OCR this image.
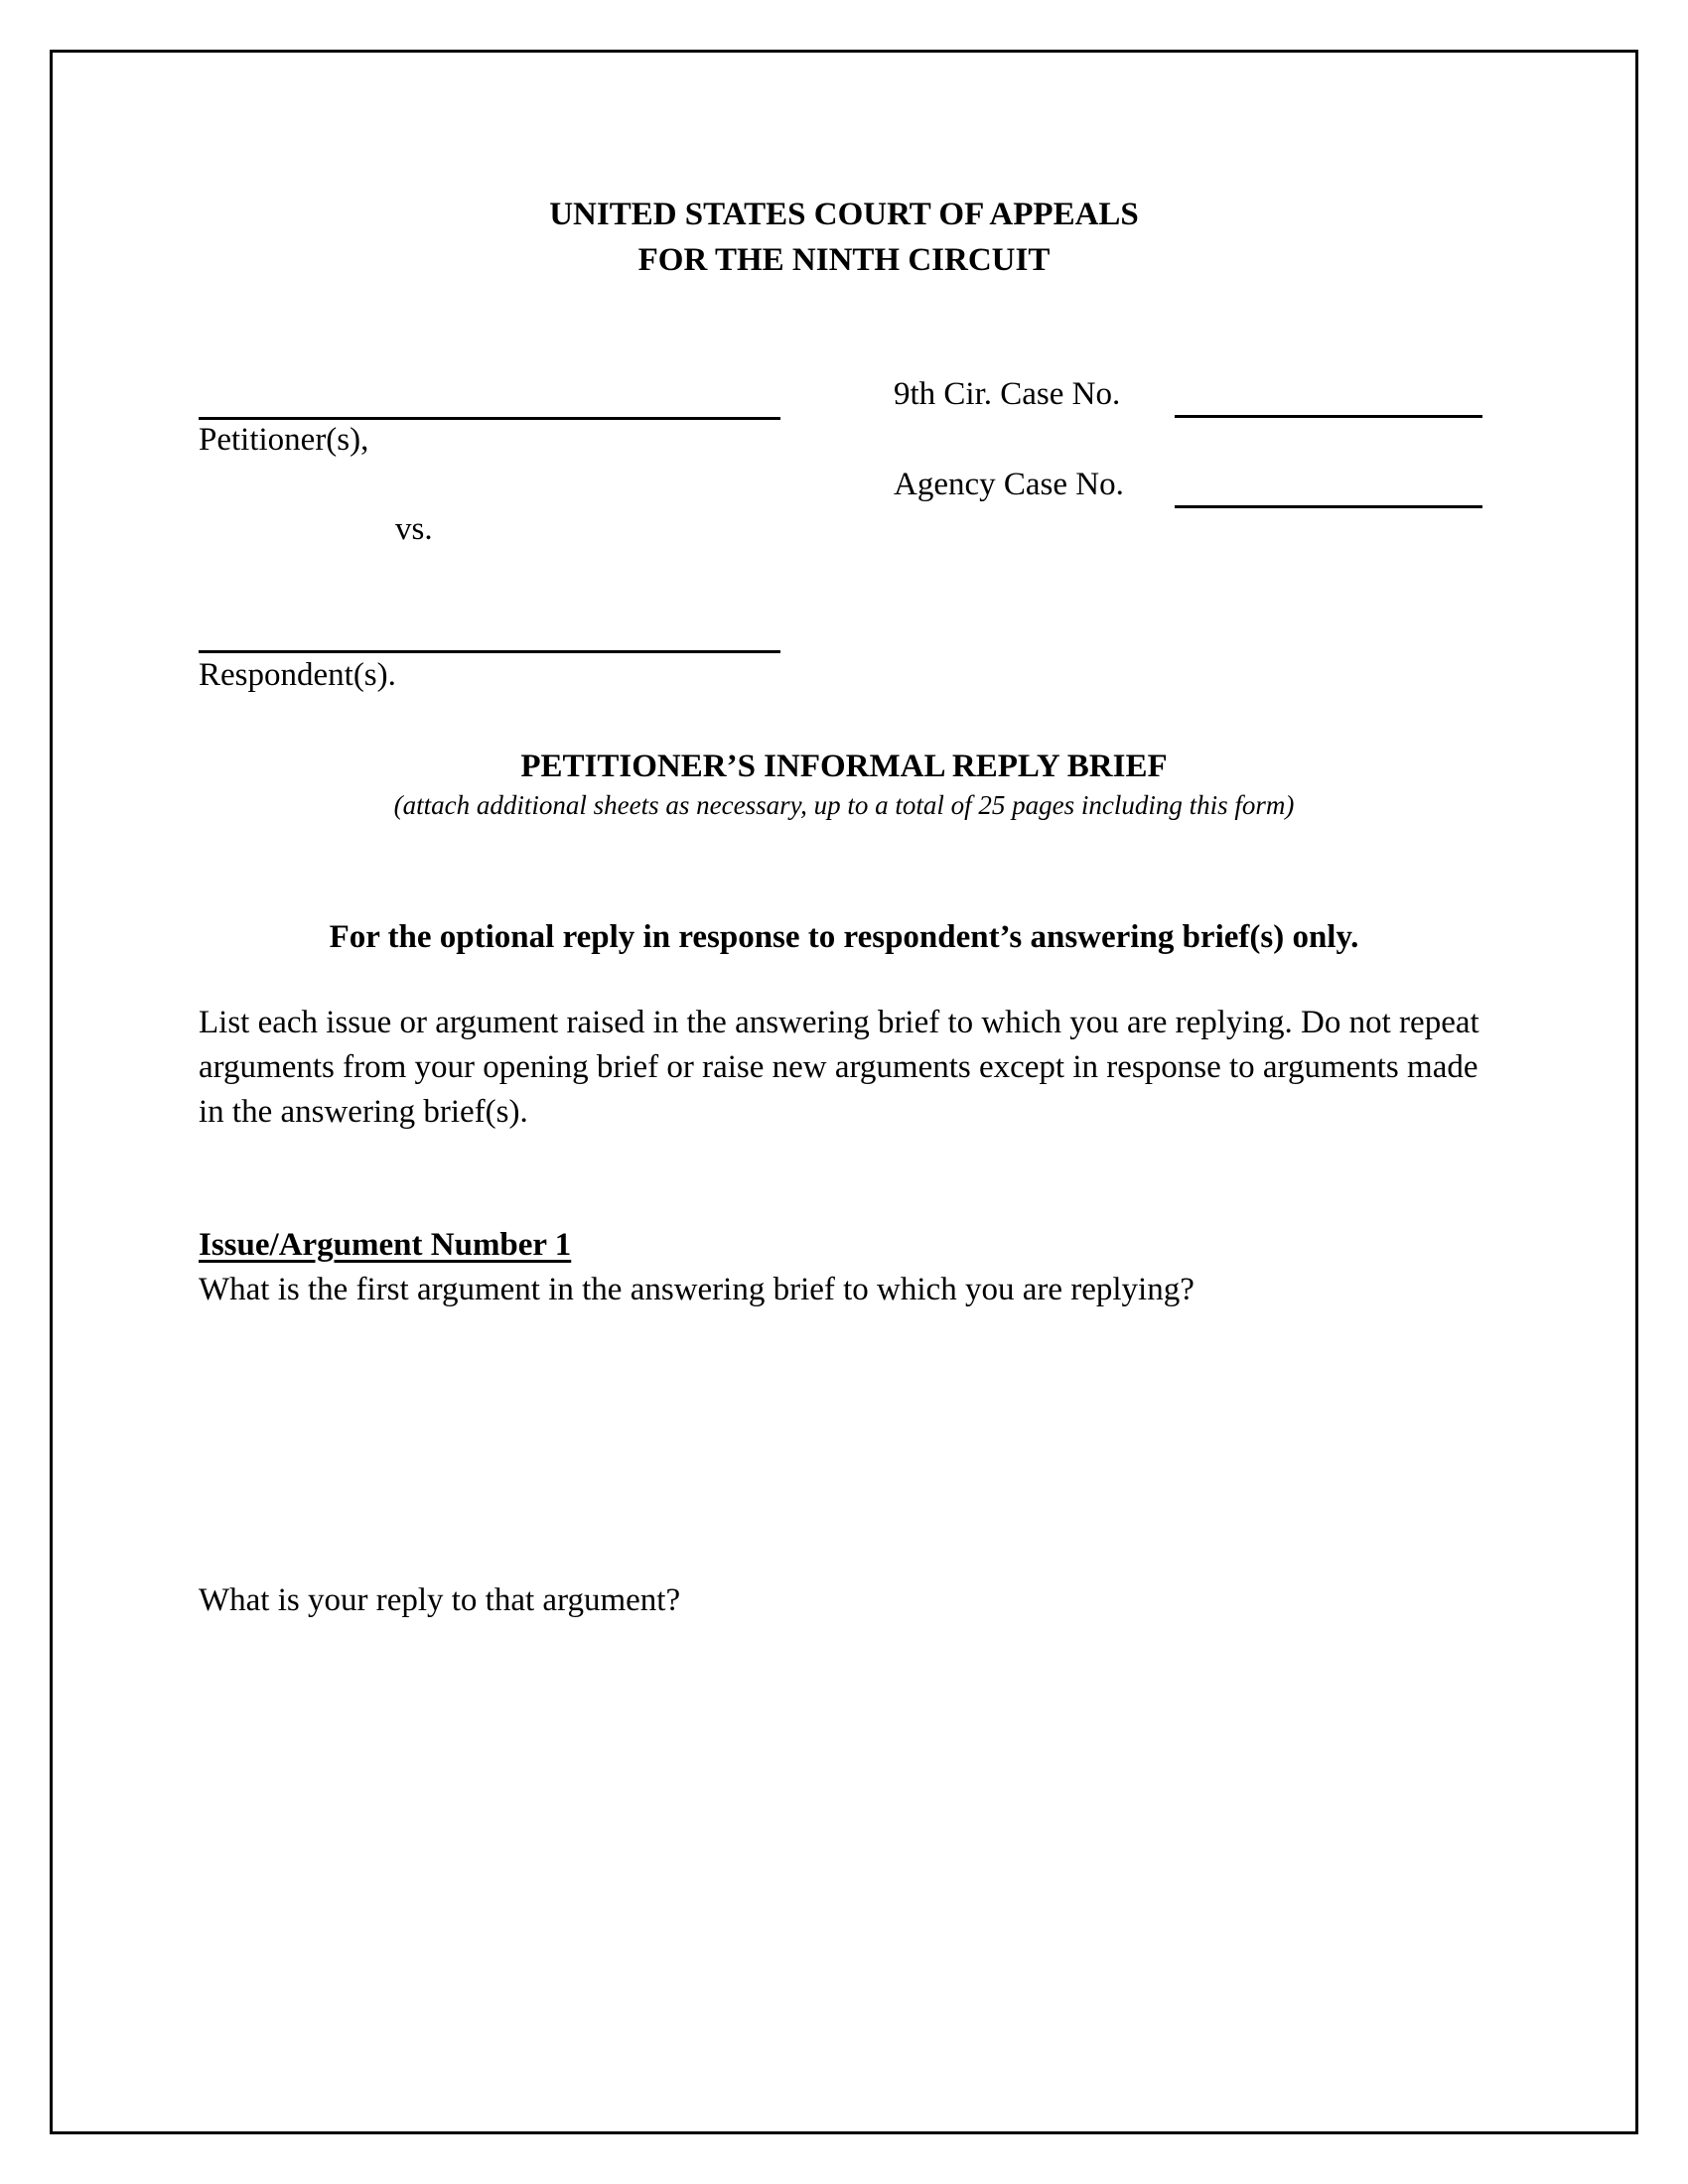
UNITED STATES COURT OF APPEALS
FOR THE NINTH CIRCUIT
Petitioner(s),
vs.
Respondent(s).
9th Cir. Case No.
Agency Case No.
PETITIONER’S INFORMAL REPLY BRIEF
(attach additional sheets as necessary, up to a total of 25 pages including this form)
For the optional reply in response to respondent’s answering brief(s) only.
List each issue or argument raised in the answering brief to which you are replying. Do not repeat arguments from your opening brief or raise new arguments except in response to arguments made in the answering brief(s).
Issue/Argument Number 1
What is the first argument in the answering brief to which you are replying?
What is your reply to that argument?
